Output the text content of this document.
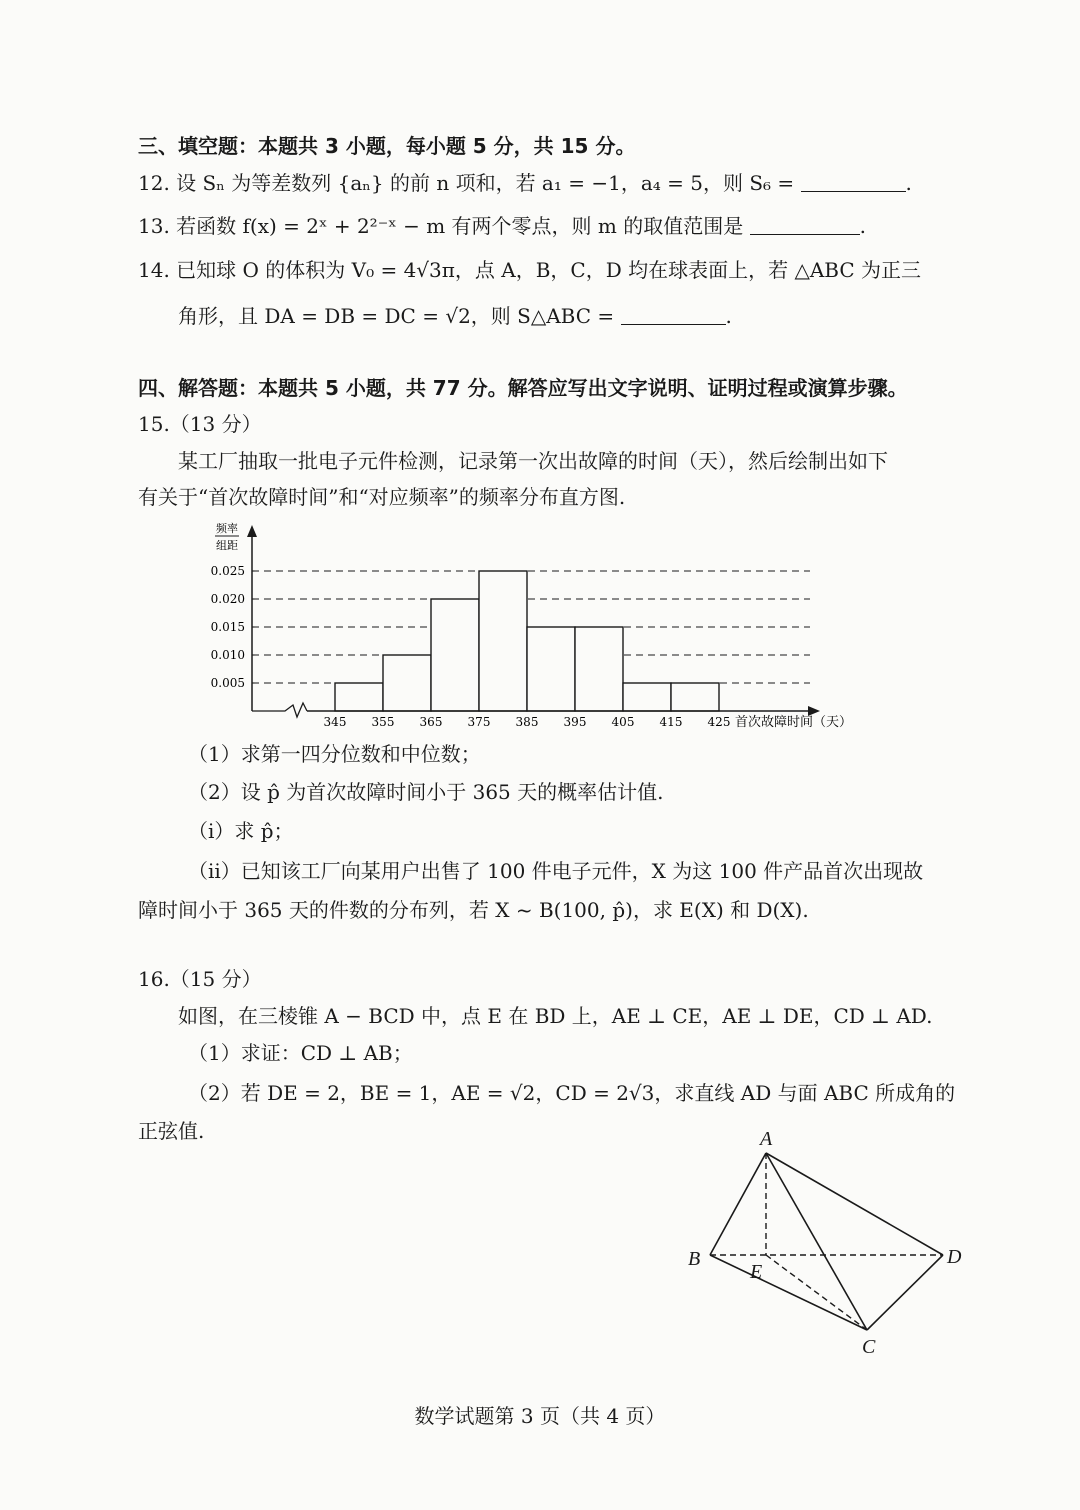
三、填空题：本题共 3 小题，每小题 5 分，共 15 分。
12. 设 Sₙ 为等差数列 {aₙ} 的前 n 项和，若 a₁ = −1，a₄ = 5，则 S₆ =	.
13. 若函数 f(x) = 2ˣ + 2²⁻ˣ − m 有两个零点，则 m 的取值范围是	.
14. 已知球 O 的体积为 V₀ = 4√3π，点 A，B，C，D 均在球表面上，若 △ABC 为正三
角形，且 DA = DB = DC = √2，则 S△ABC =	.
四、解答题：本题共 5 小题，共 77 分。解答应写出文字说明、证明过程或演算步骤。
15.（13 分）
某工厂抽取一批电子元件检测，记录第一次出故障的时间（天），然后绘制出如下
有关于“首次故障时间”和“对应频率”的频率分布直方图.
频率
组距
0.005
0.010
0.015
0.020
0.025
345 355 365 375 385 395 405 415 425 首次故障时间（天）
（1）求第一四分位数和中位数；
（2）设 p̂ 为首次故障时间小于 365 天的概率估计值.
（ⅰ）求 p̂；
（ⅱ）已知该工厂向某用户出售了 100 件电子元件，X 为这 100 件产品首次出现故
障时间小于 365 天的件数的分布列，若 X ~ B(100, p̂)，求 E(X) 和 D(X).
16.（15 分）
如图，在三棱锥 A − BCD 中，点 E 在 BD 上，AE ⊥ CE，AE ⊥ DE，CD ⊥ AD.
（1）求证：CD ⊥ AB；
（2）若 DE = 2，BE = 1，AE = √2，CD = 2√3，求直线 AD 与面 ABC 所成角的
正弦值.	A
B
E
D
C
数学试题第 3 页（共 4 页）
